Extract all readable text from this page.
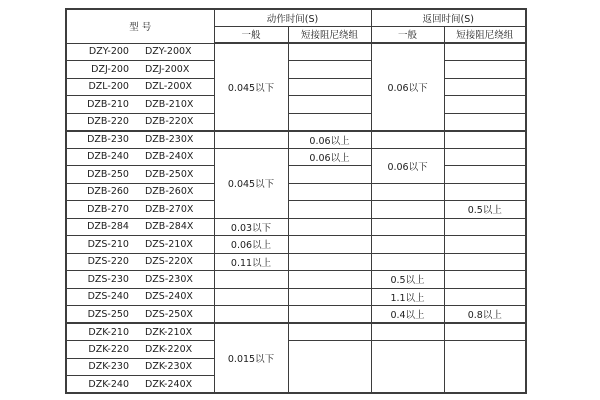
型 号	动作时间(S)		返回时间(S)	
	一般	短接阻尼绕组	一般	短接阻尼绕组

DZY-200 DZY-200X	0.045以下		0.06以下	

DZJ-200 DZJ-200X				

DZL-200 DZL-200X				

DZB-210 DZB-210X				

DZB-220 DZB-220X				

DZB-230 DZB-230X		0.06以上		

DZB-240 DZB-240X	0.045以下	0.06以上	0.06以下	

DZB-250 DZB-250X				

DZB-260 DZB-260X				

DZB-270 DZB-270X				0.5以上

DZB-284 DZB-284X	0.03以下			

DZS-210 DZS-210X	0.06以上			

DZS-220 DZS-220X	0.11以上			

DZS-230 DZS-230X			0.5以上	

DZS-240 DZS-240X			1.1以上	

DZS-250 DZS-250X			0.4以上	0.8以上

DZK-210 DZK-210X	0.015以下			

DZK-220 DZK-220X				

DZK-230 DZK-230X				

DZK-240 DZK-240X				
